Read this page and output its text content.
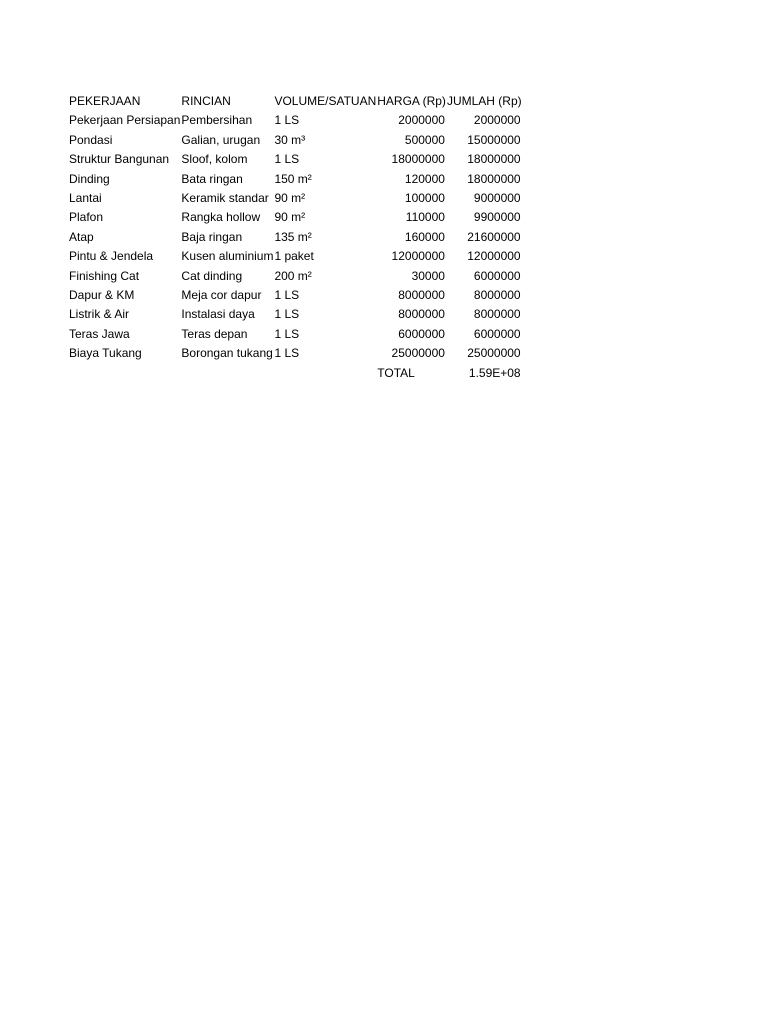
PEKERJAAN	RINCIAN	VOLUME/SATUAN	HARGA (Rp)	JUMLAH (Rp)
Pekerjaan Persiapan	Pembersihan	1 LS	2000000	2000000
Pondasi	Galian, urugan	30 m³	500000	15000000
Struktur Bangunan	Sloof, kolom	1 LS	18000000	18000000
Dinding	Bata ringan	150 m²	120000	18000000
Lantai	Keramik standar	90 m²	100000	9000000
Plafon	Rangka hollow	90 m²	110000	9900000
Atap	Baja ringan	135 m²	160000	21600000
Pintu & Jendela	Kusen aluminium	1 paket	12000000	12000000
Finishing Cat	Cat dinding	200 m²	30000	6000000
Dapur & KM	Meja cor dapur	1 LS	8000000	8000000
Listrik & Air	Instalasi daya	1 LS	8000000	8000000
Teras Jawa	Teras depan	1 LS	6000000	6000000
Biaya Tukang	Borongan tukang	1 LS	25000000	25000000
			TOTAL	1.59E+08
